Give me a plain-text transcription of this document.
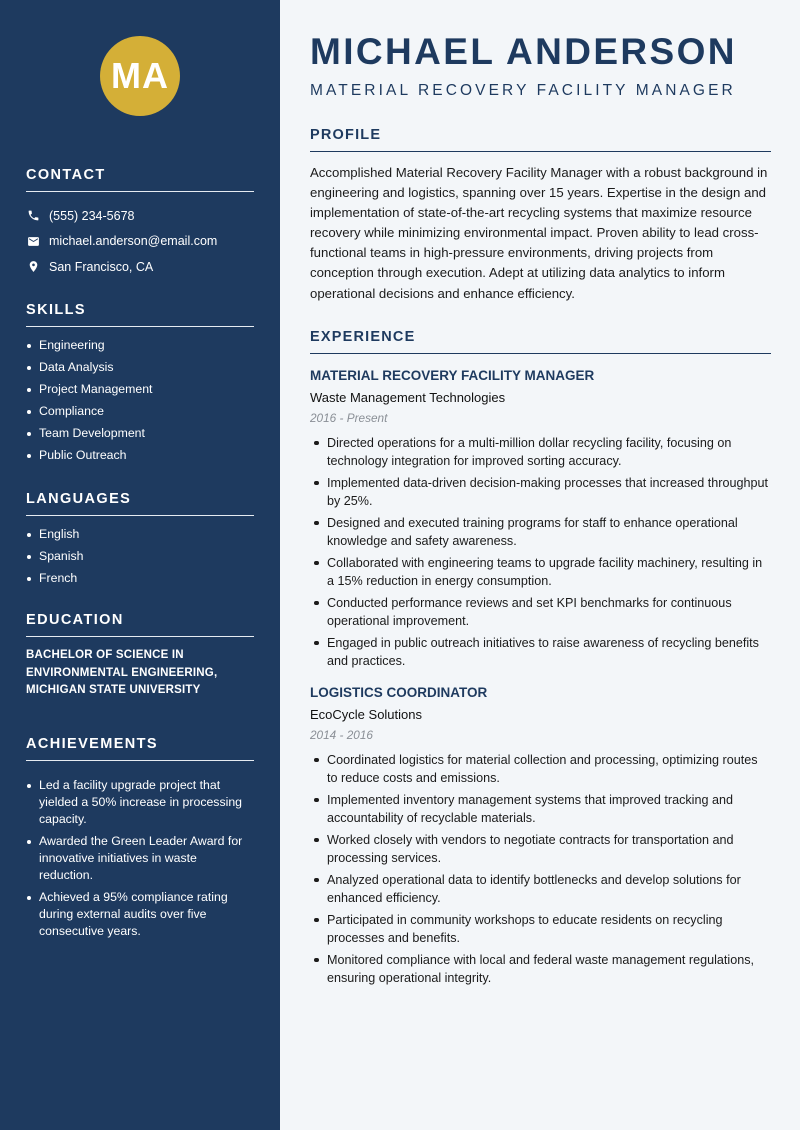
MA
CONTACT
(555) 234-5678
michael.anderson@email.com
San Francisco, CA
SKILLS
Engineering
Data Analysis
Project Management
Compliance
Team Development
Public Outreach
LANGUAGES
English
Spanish
French
EDUCATION

BACHELOR OF SCIENCE IN ENVIRONMENTAL ENGINEERING, MICHIGAN STATE UNIVERSITY

ACHIEVEMENTS
Led a facility upgrade project that yielded a 50% increase in processing capacity.
Awarded the Green Leader Award for innovative initiatives in waste reduction.
Achieved a 95% compliance rating during external audits over five consecutive years.
MICHAEL ANDERSON
MATERIAL RECOVERY FACILITY MANAGER
PROFILE

Accomplished Material Recovery Facility Manager with a robust background in engineering and logistics, spanning over 15 years. Expertise in the design and implementation of state-of-the-art recycling systems that maximize resource recovery while minimizing environmental impact. Proven ability to lead cross-functional teams in high-pressure environments, driving projects from conception through execution. Adept at utilizing data analytics to inform operational decisions and enhance efficiency.

EXPERIENCE
MATERIAL RECOVERY FACILITY MANAGER
Waste Management Technologies
2016 - Present
Directed operations for a multi-million dollar recycling facility, focusing on technology integration for improved sorting accuracy.
Implemented data-driven decision-making processes that increased throughput by 25%.
Designed and executed training programs for staff to enhance operational knowledge and safety awareness.
Collaborated with engineering teams to upgrade facility machinery, resulting in a 15% reduction in energy consumption.
Conducted performance reviews and set KPI benchmarks for continuous operational improvement.
Engaged in public outreach initiatives to raise awareness of recycling benefits and practices.
LOGISTICS COORDINATOR
EcoCycle Solutions
2014 - 2016
Coordinated logistics for material collection and processing, optimizing routes to reduce costs and emissions.
Implemented inventory management systems that improved tracking and accountability of recyclable materials.
Worked closely with vendors to negotiate contracts for transportation and processing services.
Analyzed operational data to identify bottlenecks and develop solutions for enhanced efficiency.
Participated in community workshops to educate residents on recycling processes and benefits.
Monitored compliance with local and federal waste management regulations, ensuring operational integrity.
